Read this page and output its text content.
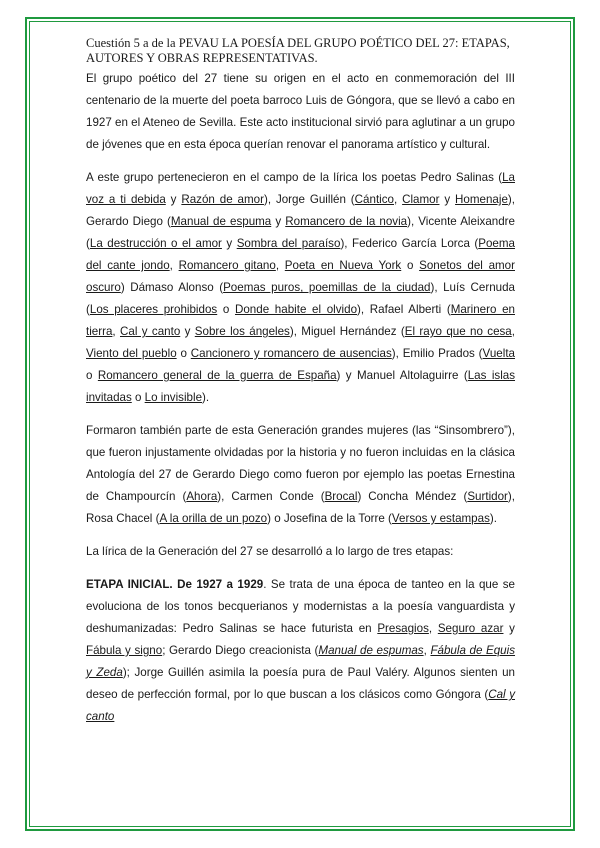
Cuestión 5 a de la PEVAU LA POESÍA DEL GRUPO POÉTICO DEL 27: ETAPAS, AUTORES Y OBRAS REPRESENTATIVAS.

El grupo poético del 27 tiene su origen en el acto en conmemoración del III centenario de la muerte del poeta barroco Luis de Góngora, que se llevó a cabo en 1927 en el Ateneo de Sevilla. Este acto institucional sirvió para aglutinar a un grupo de jóvenes que en esta época querían renovar el panorama artístico y cultural.

A este grupo pertenecieron en el campo de la lírica los poetas Pedro Salinas (La voz a ti debida y Razón de amor), Jorge Guillén (Cántico, Clamor y Homenaje), Gerardo Diego (Manual de espuma y Romancero de la novia), Vicente Aleixandre (La destrucción o el amor y Sombra del paraíso), Federico García Lorca (Poema del cante jondo, Romancero gitano, Poeta en Nueva York o Sonetos del amor oscuro) Dámaso Alonso (Poemas puros, poemillas de la ciudad), Luís Cernuda (Los placeres prohibidos o Donde habite el olvido), Rafael Alberti (Marinero en tierra, Cal y canto y Sobre los ángeles), Miguel Hernández (El rayo que no cesa, Viento del pueblo o Cancionero y romancero de ausencias), Emilio Prados (Vuelta o Romancero general de la guerra de España) y Manuel Altolaguirre (Las islas invitadas o Lo invisible).

Formaron también parte de esta Generación grandes mujeres (las “Sinsombrero”), que fueron injustamente olvidadas por la historia y no fueron incluidas en la clásica Antología del 27 de Gerardo Diego como fueron por ejemplo las poetas Ernestina de Champourcín (Ahora), Carmen Conde (Brocal) Concha Méndez (Surtidor), Rosa Chacel (A la orilla de un pozo) o Josefina de la Torre (Versos y estampas).

La lírica de la Generación del 27 se desarrolló a lo largo de tres etapas:

ETAPA INICIAL. De 1927 a 1929. Se trata de una época de tanteo en la que se evoluciona de los tonos becquerianos y modernistas a la poesía vanguardista y deshumanizadas: Pedro Salinas se hace futurista en Presagios, Seguro azar y Fábula y signo; Gerardo Diego creacionista (Manual de espumas, Fábula de Equis y Zeda); Jorge Guillén asimila la poesía pura de Paul Valéry. Algunos sienten un deseo de perfección formal, por lo que buscan a los clásicos como Góngora (Cal y canto
